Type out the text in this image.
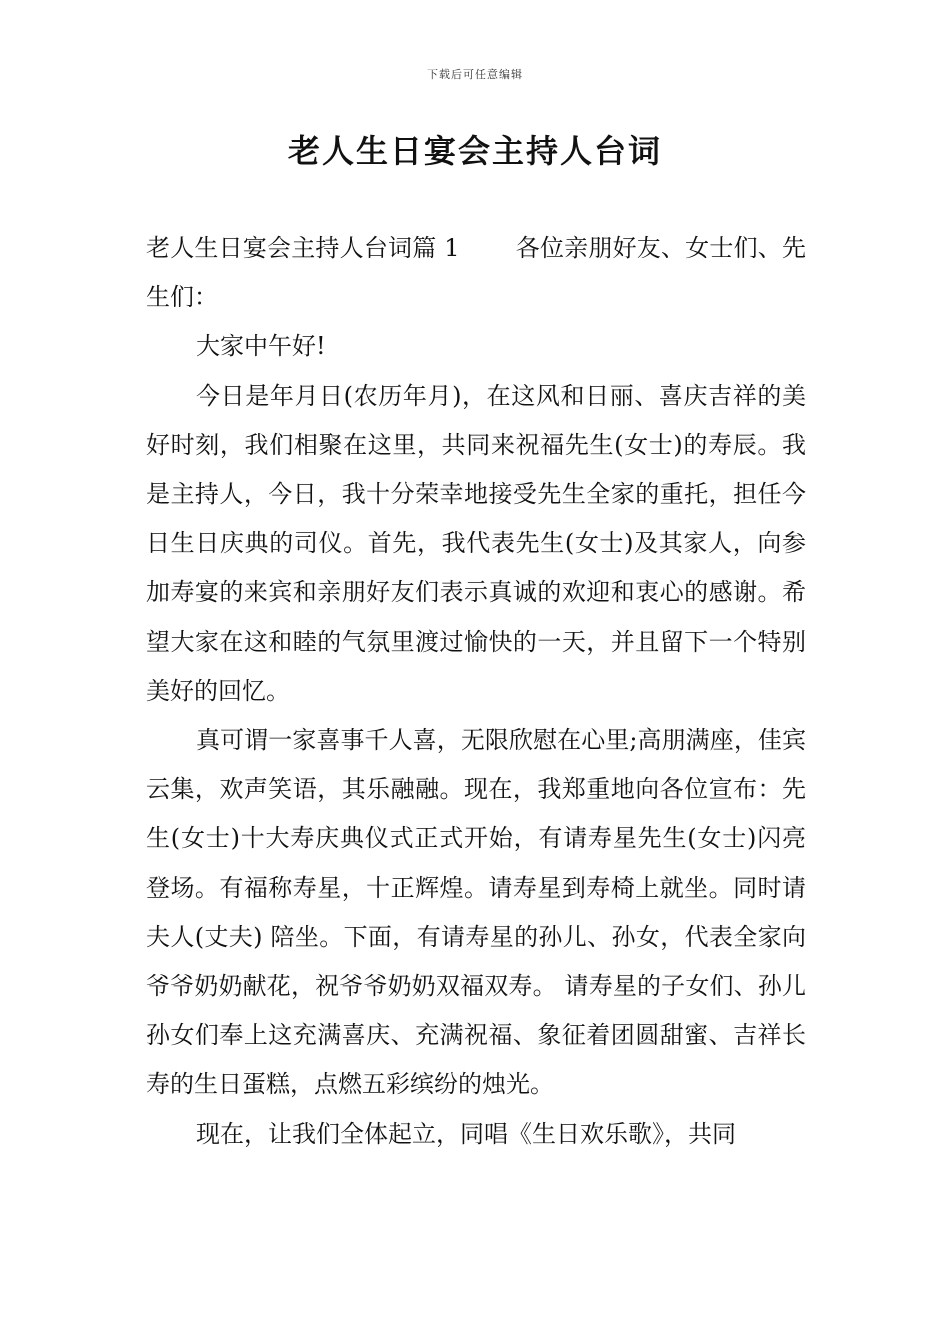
下载后可任意编辑
老人生日宴会主持人台词

老人生日宴会主持人台词篇 1 各位亲朋好友、女士们、先生们：

大家中午好!

今日是年月日(农历年月)，在这风和日丽、喜庆吉祥的美好时刻，我们相聚在这里，共同来祝福先生(女士)的寿辰。我是主持人，今日，我十分荣幸地接受先生全家的重托，担任今日生日庆典的司仪。首先，我代表先生(女士)及其家人，向参加寿宴的来宾和亲朋好友们表示真诚的欢迎和衷心的感谢。希望大家在这和睦的气氛里渡过愉快的一天，并且留下一个特别美好的回忆。

真可谓一家喜事千人喜，无限欣慰在心里;高朋满座，佳宾云集，欢声笑语，其乐融融。现在，我郑重地向各位宣布：先生(女士)十大寿庆典仪式正式开始，有请寿星先生(女士)闪亮登场。有福称寿星，十正辉煌。请寿星到寿椅上就坐。同时请夫人(丈夫) 陪坐。下面，有请寿星的孙儿、孙女，代表全家向爷爷奶奶献花，祝爷爷奶奶双福双寿。 请寿星的子女们、孙儿孙女们奉上这充满喜庆、充满祝福、象征着团圆甜蜜、吉祥长寿的生日蛋糕，点燃五彩缤纷的烛光。

现在，让我们全体起立，同唱《生日欢乐歌》，共同
